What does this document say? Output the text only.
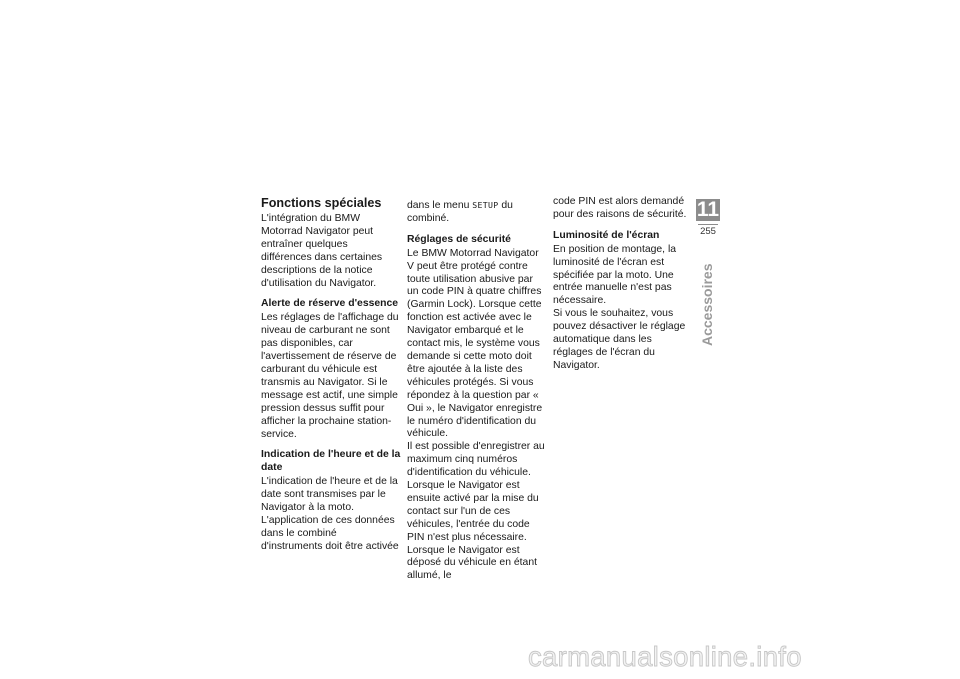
Fonctions spéciales

L'intégration du BMW Motorrad Navigator peut entraîner quelques différences dans certaines descriptions de la notice d'utilisation du Navigator.

Alerte de réserve d'essence

Les réglages de l'affichage du niveau de carburant ne sont pas disponibles, car l'avertissement de réserve de carburant du véhicule est transmis au Navigator. Si le message est actif, une simple pression dessus suffit pour afficher la prochaine station-service.

Indication de l'heure et de la date

L'indication de l'heure et de la date sont transmises par le Navigator à la moto. L'application de ces données dans le combiné d'instruments doit être activée

dans le menu SETUP du combiné.

Réglages de sécurité

Le BMW Motorrad Navigator V peut être protégé contre toute utilisation abusive par un code PIN à quatre chiffres (Garmin Lock). Lorsque cette fonction est activée avec le Navigator embarqué et le contact mis, le système vous demande si cette moto doit être ajoutée à la liste des véhicules protégés. Si vous répondez à la question par « Oui », le Navigator enregistre le numéro d'identification du véhicule.

Il est possible d'enregistrer au maximum cinq numéros d'identification du véhicule.

Lorsque le Navigator est ensuite activé par la mise du contact sur l'un de ces véhicules, l'entrée du code PIN n'est plus nécessaire.

Lorsque le Navigator est déposé du véhicule en étant allumé, le

code PIN est alors demandé pour des raisons de sécurité.

Luminosité de l'écran

En position de montage, la luminosité de l'écran est spécifiée par la moto. Une entrée manuelle n'est pas nécessaire.

Si vous le souhaitez, vous pouvez désactiver le réglage automatique dans les réglages de l'écran du Navigator.

11
255
Accessoires
carmanualsonline.info
